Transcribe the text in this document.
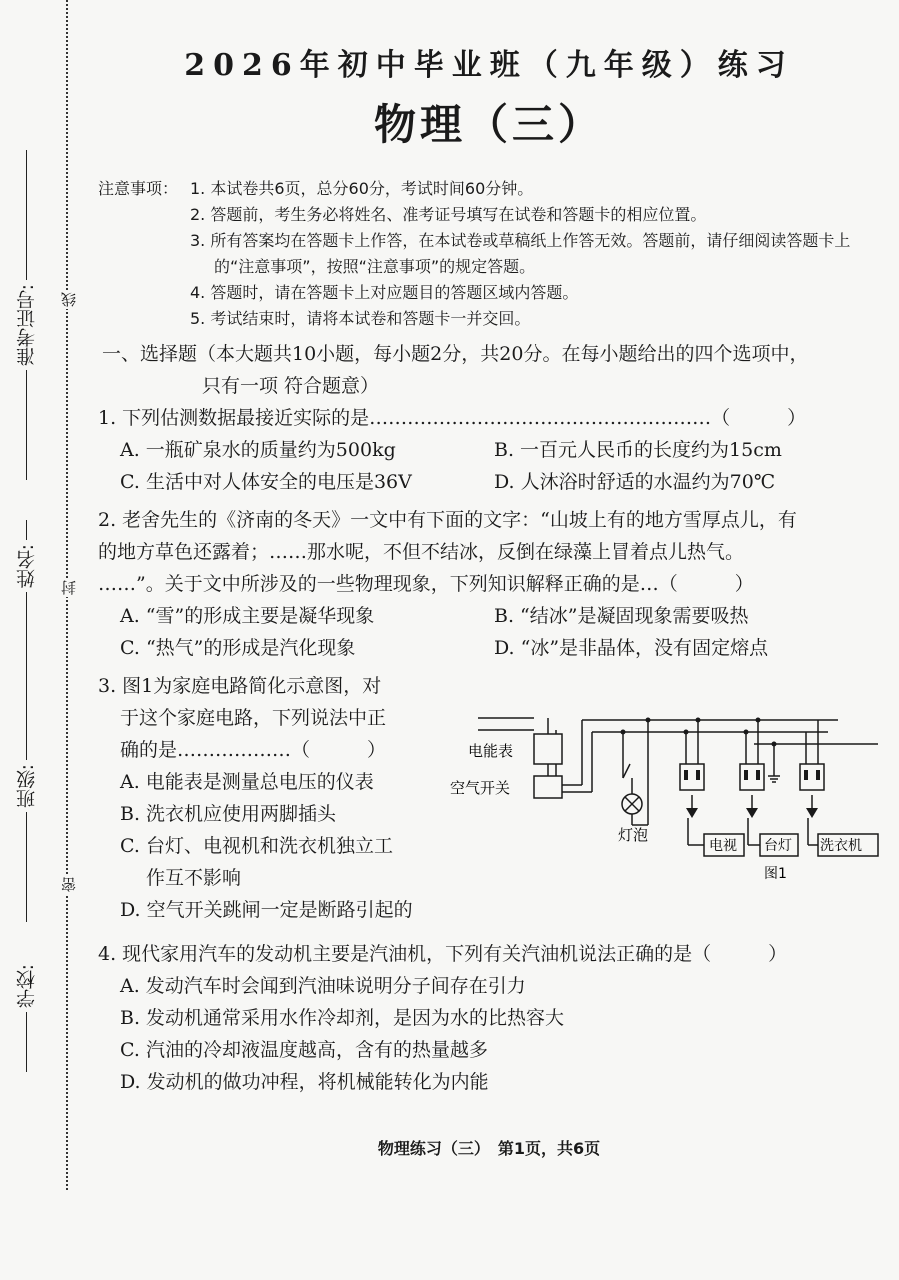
准考证号:
姓名:
班级:
学校:
线
封
密
2026年初中毕业班（九年级）练习
物理（三）
注意事项： 1. 本试卷共6页，总分60分，考试时间60分钟。
2. 答题前，考生务必将姓名、准考证号填写在试卷和答题卡的相应位置。
3. 所有答案均在答题卡上作答，在本试卷或草稿纸上作答无效。答题前，请仔细阅读答题卡上的“注意事项”，按照“注意事项”的规定答题。
4. 答题时，请在答题卡上对应题目的答题区域内答题。
5. 考试结束时，请将本试卷和答题卡一并交回。
一、选择题（本大题共10小题，每小题2分，共20分。在每小题给出的四个选项中，
只有一项 符合题意）
1. 下列估测数据最接近实际的是………………………………………………（　　　）
A. 一瓶矿泉水的质量约为500kg	B. 一百元人民币的长度约为15cm
C. 生活中对人体安全的电压是36V	D. 人沐浴时舒适的水温约为70℃
2. 老舍先生的《济南的冬天》一文中有下面的文字：“山坡上有的地方雪厚点儿，有
的地方草色还露着；……那水呢，不但不结冰，反倒在绿藻上冒着点儿热气。
……”。关于文中所涉及的一些物理现象，下列知识解释正确的是…（　　　）
A. “雪”的形成主要是凝华现象	B. “结冰”是凝固现象需要吸热
C. “热气”的形成是汽化现象	D. “冰”是非晶体，没有固定熔点
3. 图1为家庭电路简化示意图，对
于这个家庭电路，下列说法中正
确的是………………（　　　）
A. 电能表是测量总电压的仪表
B. 洗衣机应使用两脚插头
C. 台灯、电视机和洗衣机独立工
作互不影响
D. 空气开关跳闸一定是断路引起的
电能表
空气开关
灯泡
电视 台灯 洗衣机
图1
4. 现代家用汽车的发动机主要是汽油机，下列有关汽油机说法正确的是（　　　）
A. 发动汽车时会闻到汽油味说明分子间存在引力
B. 发动机通常采用水作冷却剂，是因为水的比热容大
C. 汽油的冷却液温度越高，含有的热量越多
D. 发动机的做功冲程，将机械能转化为内能
物理练习（三）　第1页，共6页
